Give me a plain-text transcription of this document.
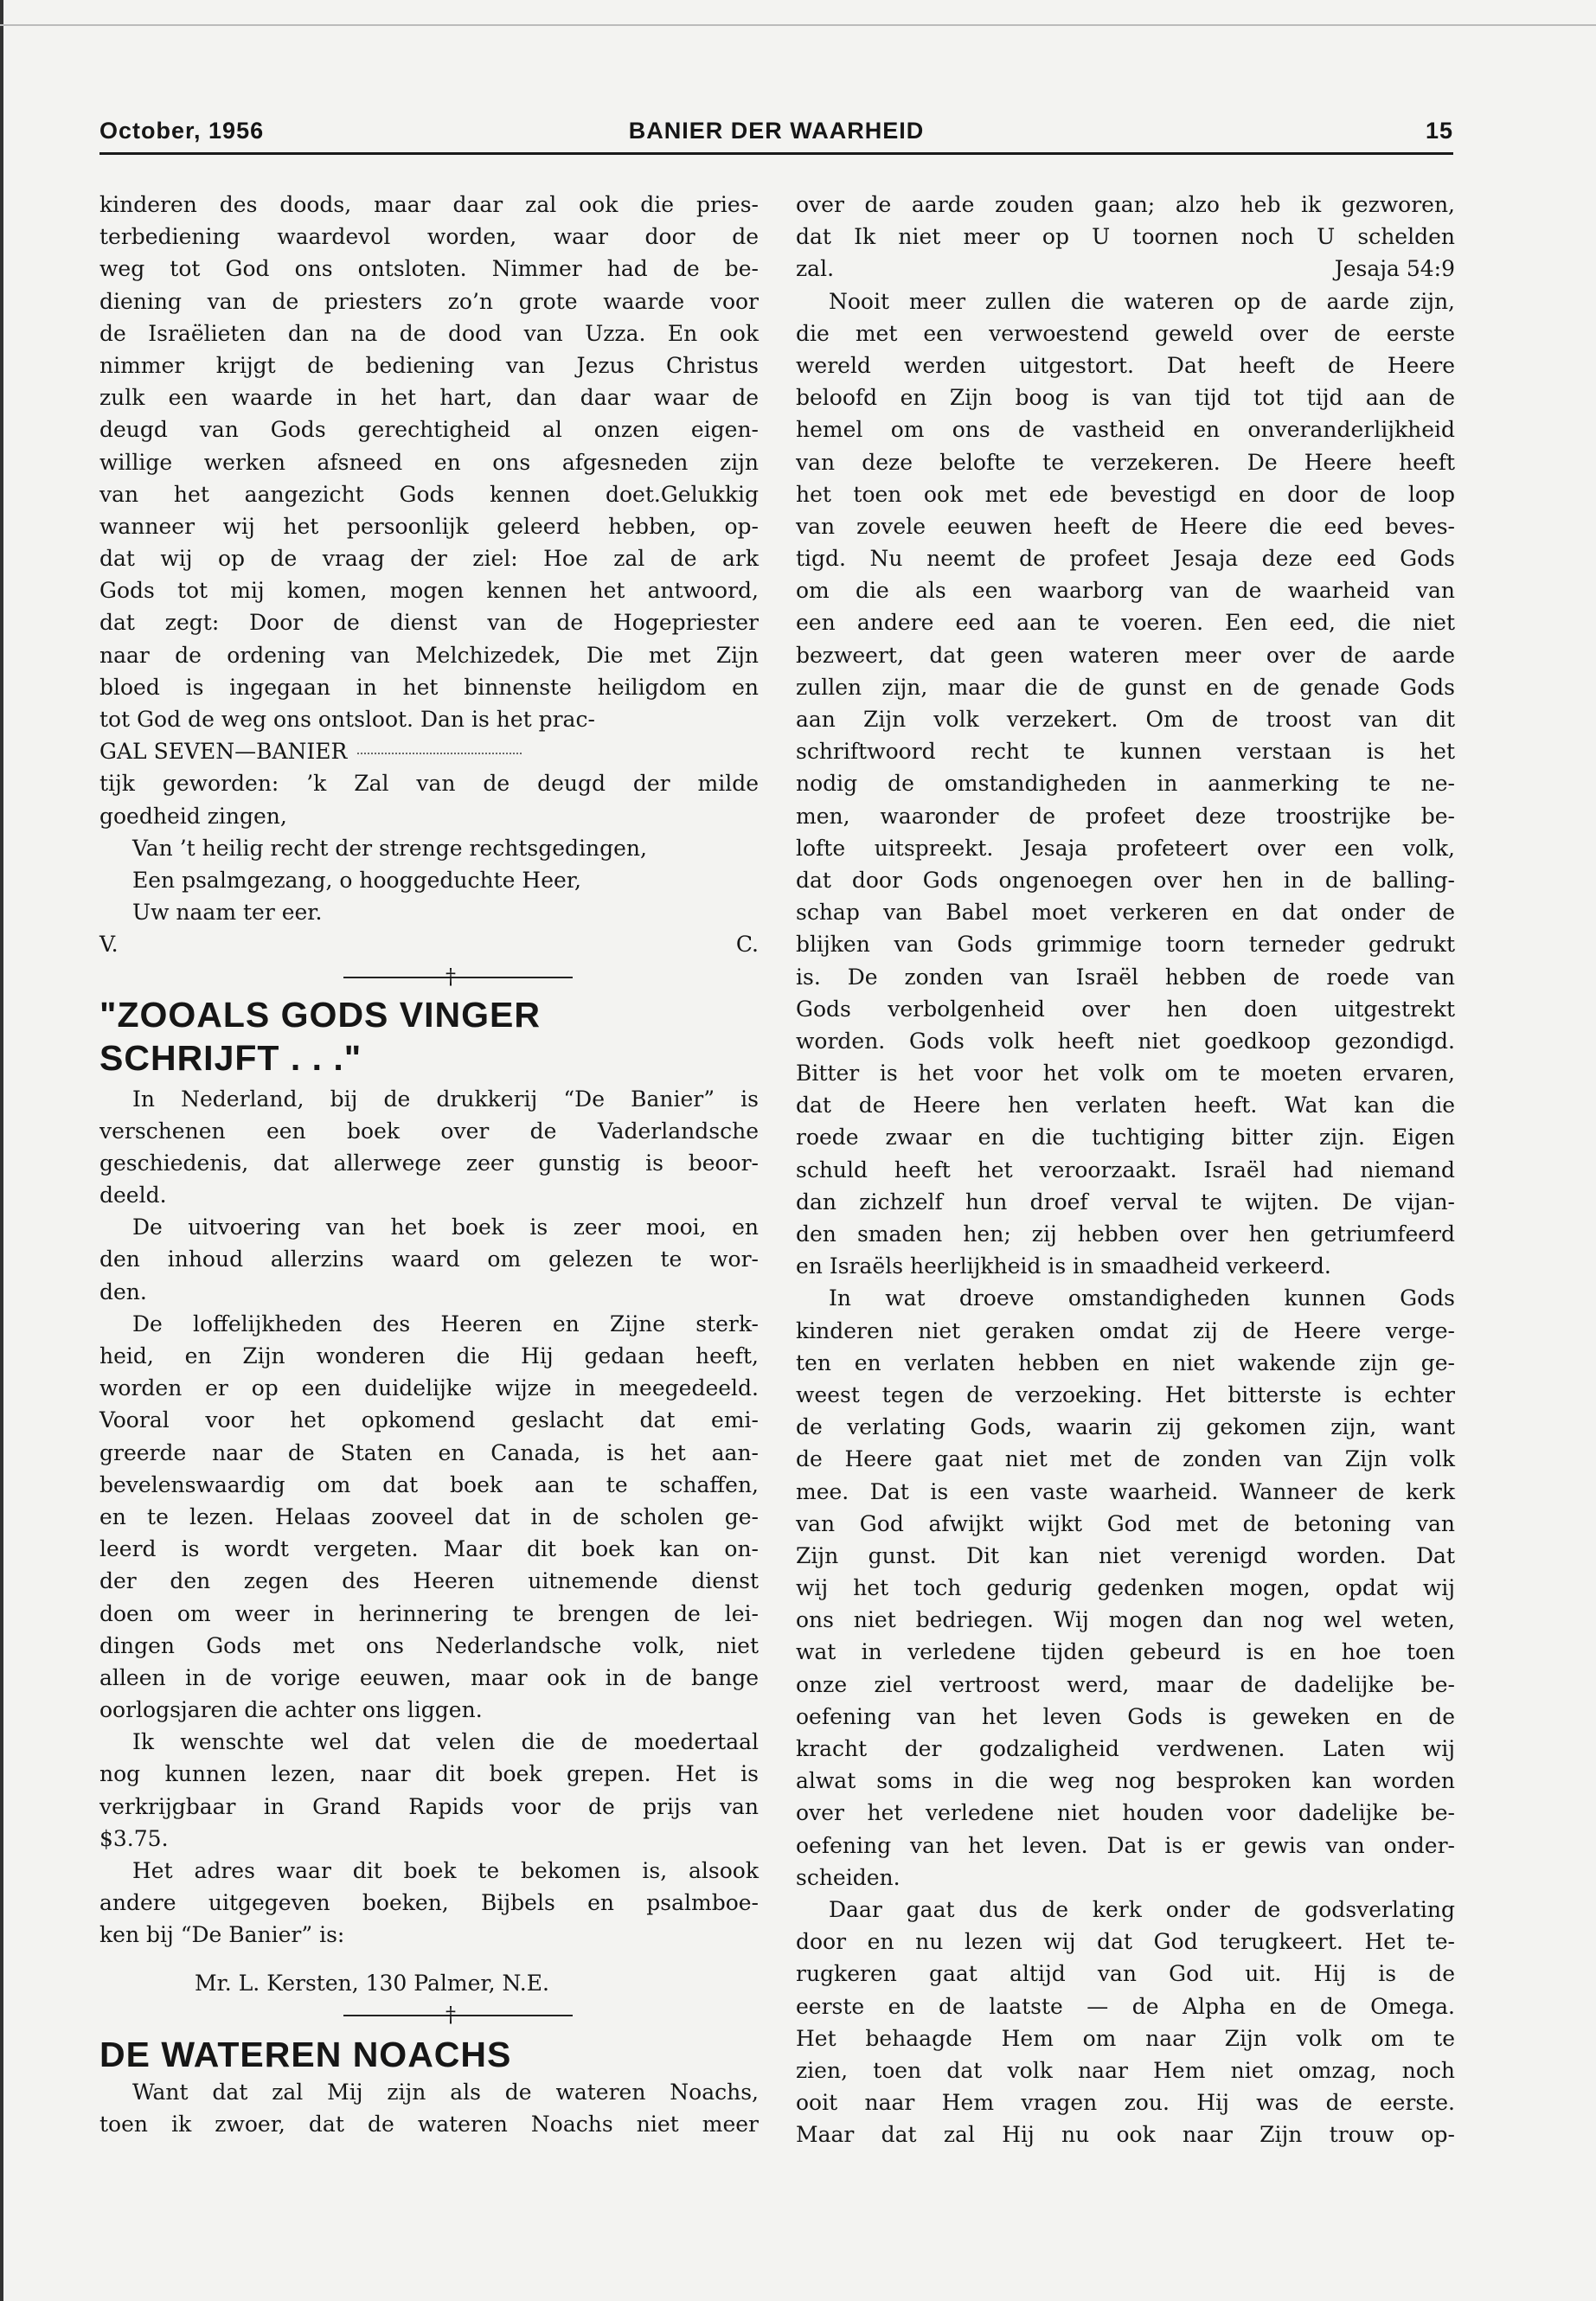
October, 1956	BANIER DER WAARHEID	15
kinderen des doods, maar daar zal ook die pries-
terbediening waardevol worden, waar door de
weg tot God ons ontsloten. Nimmer had de be-
diening van de priesters zo’n grote waarde voor
de Israëlieten dan na de dood van Uzza. En ook
nimmer krijgt de bediening van Jezus Christus
zulk een waarde in het hart, dan daar waar de
deugd van Gods gerechtigheid al onzen eigen-
willige werken afsneed en ons afgesneden zijn
van het aangezicht Gods kennen doet.Gelukkig
wanneer wij het persoonlijk geleerd hebben, op-
dat wij op de vraag der ziel: Hoe zal de ark
Gods tot mij komen, mogen kennen het antwoord,
dat zegt: Door de dienst van de Hogepriester
naar de ordening van Melchizedek, Die met Zijn
bloed is ingegaan in het binnenste heiligdom en
tot God de weg ons ontsloot. Dan is het prac-
GAL SEVEN—BANIER
tijk geworden: ’k Zal van de deugd der milde
goedheid zingen,
Van ’t heilig recht der strenge rechtsgedingen,
Een psalmgezang, o hooggeduchte Heer,
Uw naam ter eer.
V.	C.
†
"ZOOALS GODS VINGER
SCHRIJFT . . ."
In Nederland, bij de drukkerij “De Banier” is
verschenen een boek over de Vaderlandsche
geschiedenis, dat allerwege zeer gunstig is beoor-
deeld.
De uitvoering van het boek is zeer mooi, en
den inhoud allerzins waard om gelezen te wor-
den.
De loffelijkheden des Heeren en Zijne sterk-
heid, en Zijn wonderen die Hij gedaan heeft,
worden er op een duidelijke wijze in meegedeeld.
Vooral voor het opkomend geslacht dat emi-
greerde naar de Staten en Canada, is het aan-
bevelenswaardig om dat boek aan te schaffen,
en te lezen. Helaas zooveel dat in de scholen ge-
leerd is wordt vergeten. Maar dit boek kan on-
der den zegen des Heeren uitnemende dienst
doen om weer in herinnering te brengen de lei-
dingen Gods met ons Nederlandsche volk, niet
alleen in de vorige eeuwen, maar ook in de bange
oorlogsjaren die achter ons liggen.
Ik wenschte wel dat velen die de moedertaal
nog kunnen lezen, naar dit boek grepen. Het is
verkrijgbaar in Grand Rapids voor de prijs van
$3.75.
Het adres waar dit boek te bekomen is, alsook
andere uitgegeven boeken, Bijbels en psalmboe-
ken bij “De Banier” is:
Mr. L. Kersten, 130 Palmer, N.E.
†
DE WATEREN NOACHS
Want dat zal Mij zijn als de wateren Noachs,
toen ik zwoer, dat de wateren Noachs niet meer
over de aarde zouden gaan; alzo heb ik gezworen,
dat Ik niet meer op U toornen noch U schelden
zal.	Jesaja 54:9
Nooit meer zullen die wateren op de aarde zijn,
die met een verwoestend geweld over de eerste
wereld werden uitgestort. Dat heeft de Heere
beloofd en Zijn boog is van tijd tot tijd aan de
hemel om ons de vastheid en onveranderlijkheid
van deze belofte te verzekeren. De Heere heeft
het toen ook met ede bevestigd en door de loop
van zovele eeuwen heeft de Heere die eed beves-
tigd. Nu neemt de profeet Jesaja deze eed Gods
om die als een waarborg van de waarheid van
een andere eed aan te voeren. Een eed, die niet
bezweert, dat geen wateren meer over de aarde
zullen zijn, maar die de gunst en de genade Gods
aan Zijn volk verzekert. Om de troost van dit
schriftwoord recht te kunnen verstaan is het
nodig de omstandigheden in aanmerking te ne-
men, waaronder de profeet deze troostrijke be-
lofte uitspreekt. Jesaja profeteert over een volk,
dat door Gods ongenoegen over hen in de balling-
schap van Babel moet verkeren en dat onder de
blijken van Gods grimmige toorn terneder gedrukt
is. De zonden van Israël hebben de roede van
Gods verbolgenheid over hen doen uitgestrekt
worden. Gods volk heeft niet goedkoop gezondigd.
Bitter is het voor het volk om te moeten ervaren,
dat de Heere hen verlaten heeft. Wat kan die
roede zwaar en die tuchtiging bitter zijn. Eigen
schuld heeft het veroorzaakt. Israël had niemand
dan zichzelf hun droef verval te wijten. De vijan-
den smaden hen; zij hebben over hen getriumfeerd
en Israëls heerlijkheid is in smaadheid verkeerd.
In wat droeve omstandigheden kunnen Gods
kinderen niet geraken omdat zij de Heere verge-
ten en verlaten hebben en niet wakende zijn ge-
weest tegen de verzoeking. Het bitterste is echter
de verlating Gods, waarin zij gekomen zijn, want
de Heere gaat niet met de zonden van Zijn volk
mee. Dat is een vaste waarheid. Wanneer de kerk
van God afwijkt wijkt God met de betoning van
Zijn gunst. Dit kan niet verenigd worden. Dat
wij het toch gedurig gedenken mogen, opdat wij
ons niet bedriegen. Wij mogen dan nog wel weten,
wat in verledene tijden gebeurd is en hoe toen
onze ziel vertroost werd, maar de dadelijke be-
oefening van het leven Gods is geweken en de
kracht der godzaligheid verdwenen. Laten wij
alwat soms in die weg nog besproken kan worden
over het verledene niet houden voor dadelijke be-
oefening van het leven. Dat is er gewis van onder-
scheiden.
Daar gaat dus de kerk onder de godsverlating
door en nu lezen wij dat God terugkeert. Het te-
rugkeren gaat altijd van God uit. Hij is de
eerste en de laatste — de Alpha en de Omega.
Het behaagde Hem om naar Zijn volk om te
zien, toen dat volk naar Hem niet omzag, noch
ooit naar Hem vragen zou. Hij was de eerste.
Maar dat zal Hij nu ook naar Zijn trouw op-
